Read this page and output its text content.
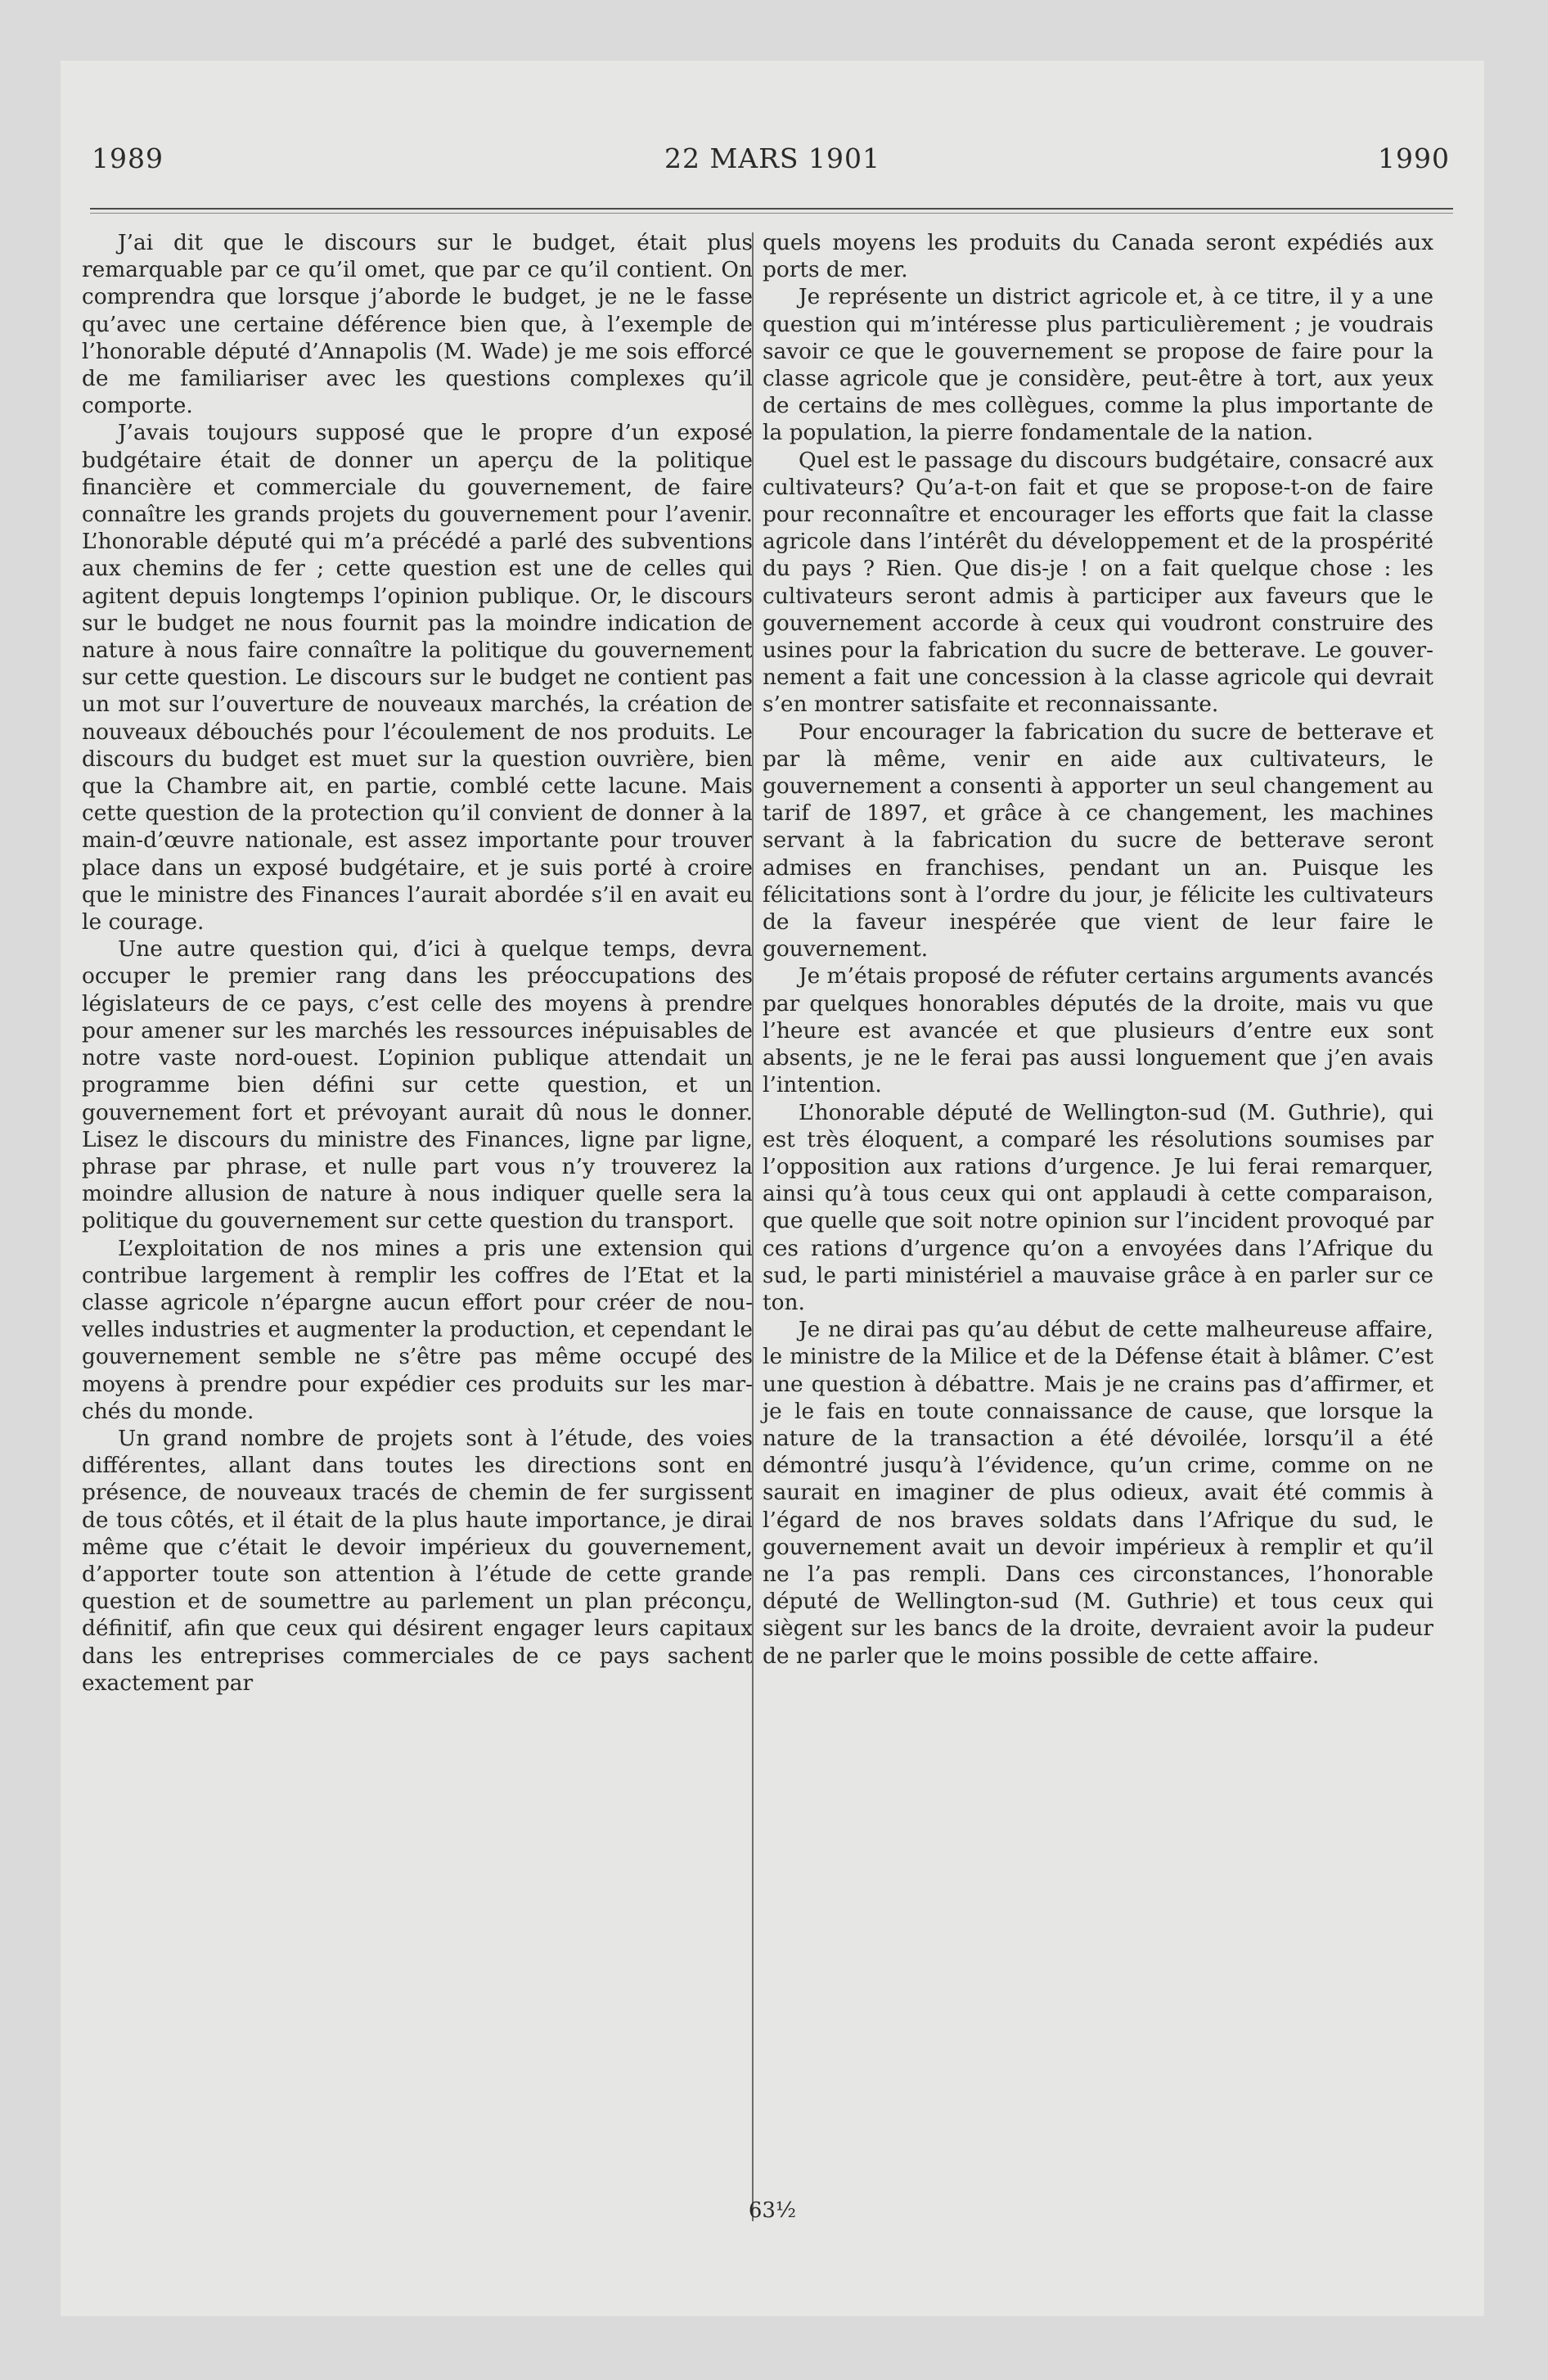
1989	22 MARS 1901	1990

J’ai dit que le discours sur le budget, était plus remarquable par ce qu’il omet, que par ce qu’il contient. On comprendra que lorsque j’aborde le budget, je ne le fasse qu’avec une certaine déférence bien que, à l’exemple de l’honorable député d’Annapolis (M. Wade) je me sois efforcé de me familiariser avec les questions complexes qu’il comporte.

J’avais toujours supposé que le propre d’un exposé budgétaire était de donner un aperçu de la politique financière et commerciale du gouvernement, de faire connaître les grands projets du gouvernement pour l’avenir. L’honorable député qui m’a précédé a parlé des subventions aux chemins de fer ; cette question est une de celles qui agitent depuis longtemps l’opinion publique. Or, le discours sur le budget ne nous fournit pas la moindre indication de nature à nous faire connaître la politique du gouvernement sur cette question. Le discours sur le budget ne contient pas un mot sur l’ouverture de nouveaux marchés, la création de nouveaux débouchés pour l’écoulement de nos produits. Le discours du budget est muet sur la question ouvrière, bien que la Chambre ait, en partie, comblé cette lacune. Mais cette question de la protection qu’il convient de donner à la main-d’œuvre nationale, est assez importante pour trouver place dans un exposé budgétaire, et je suis porté à croire que le ministre des Finances l’aurait abordée s’il en avait eu le courage.

Une autre question qui, d’ici à quelque temps, devra occuper le premier rang dans les préoccupations des législateurs de ce pays, c’est celle des moyens à prendre pour amener sur les marchés les ressources inépuisables de notre vaste nord-ouest. L’opinion publique attendait un programme bien défini sur cette question, et un gouvernement fort et prévoyant aurait dû nous le donner. Lisez le discours du ministre des Finances, ligne par ligne, phrase par phrase, et nulle part vous n’y trouverez la moindre allusion de nature à nous indiquer quelle sera la politique du gouvernement sur cette question du transport.

L’exploitation de nos mines a pris une extension qui contribue largement à remplir les coffres de l’Etat et la classe agricole n’épargne aucun effort pour créer de nouvelles industries et augmenter la production, et cependant le gouvernement semble ne s’être pas même occupé des moyens à prendre pour expédier ces produits sur les marchés du monde.

Un grand nombre de projets sont à l’étude, des voies différentes, allant dans toutes les directions sont en présence, de nouveaux tracés de chemin de fer surgissent de tous côtés, et il était de la plus haute importance, je dirai même que c’était le devoir impérieux du gouvernement, d’apporter toute son attention à l’étude de cette grande question et de soumettre au parlement un plan préconçu, définitif, afin que ceux qui désirent engager leurs capitaux dans les entreprises commerciales de ce pays sachent exactement par

quels moyens les produits du Canada seront expédiés aux ports de mer.

Je représente un district agricole et, à ce titre, il y a une question qui m’intéresse plus particulièrement ; je voudrais savoir ce que le gouvernement se propose de faire pour la classe agricole que je considère, peut-être à tort, aux yeux de certains de mes collègues, comme la plus importante de la population, la pierre fondamentale de la nation.

Quel est le passage du discours budgétaire, consacré aux cultivateurs? Qu’a-t-on fait et que se propose-t-on de faire pour reconnaître et encourager les efforts que fait la classe agricole dans l’intérêt du développement et de la prospérité du pays ? Rien. Que dis-je ! on a fait quelque chose : les cultivateurs seront admis à participer aux faveurs que le gouvernement accorde à ceux qui voudront construire des usines pour la fabrication du sucre de betterave. Le gouvernement a fait une concession à la classe agricole qui devrait s’en montrer satisfaite et reconnaissante.

Pour encourager la fabrication du sucre de betterave et par là même, venir en aide aux cultivateurs, le gouvernement a consenti à apporter un seul changement au tarif de 1897, et grâce à ce changement, les machines servant à la fabrication du sucre de betterave seront admises en franchises, pendant un an. Puisque les félicitations sont à l’ordre du jour, je félicite les cultivateurs de la faveur inespérée que vient de leur faire le gouvernement.

Je m’étais proposé de réfuter certains arguments avancés par quelques honorables députés de la droite, mais vu que l’heure est avancée et que plusieurs d’entre eux sont absents, je ne le ferai pas aussi longuement que j’en avais l’intention.

L’honorable député de Wellington-sud (M. Guthrie), qui est très éloquent, a comparé les résolutions soumises par l’opposition aux rations d’urgence. Je lui ferai remarquer, ainsi qu’à tous ceux qui ont applaudi à cette comparaison, que quelle que soit notre opinion sur l’incident provoqué par ces rations d’urgence qu’on a envoyées dans l’Afrique du sud, le parti ministériel a mauvaise grâce à en parler sur ce ton.

Je ne dirai pas qu’au début de cette malheureuse affaire, le ministre de la Milice et de la Défense était à blâmer. C’est une question à débattre. Mais je ne crains pas d’affirmer, et je le fais en toute connaissance de cause, que lorsque la nature de la transaction a été dévoilée, lorsqu’il a été démontré jusqu’à l’évidence, qu’un crime, comme on ne saurait en imaginer de plus odieux, avait été commis à l’égard de nos braves soldats dans l’Afrique du sud, le gouvernement avait un devoir impérieux à remplir et qu’il ne l’a pas rempli. Dans ces circonstances, l’honorable député de Wellington-sud (M. Guthrie) et tous ceux qui siègent sur les bancs de la droite, devraient avoir la pudeur de ne parler que le moins possible de cette affaire.

63½
